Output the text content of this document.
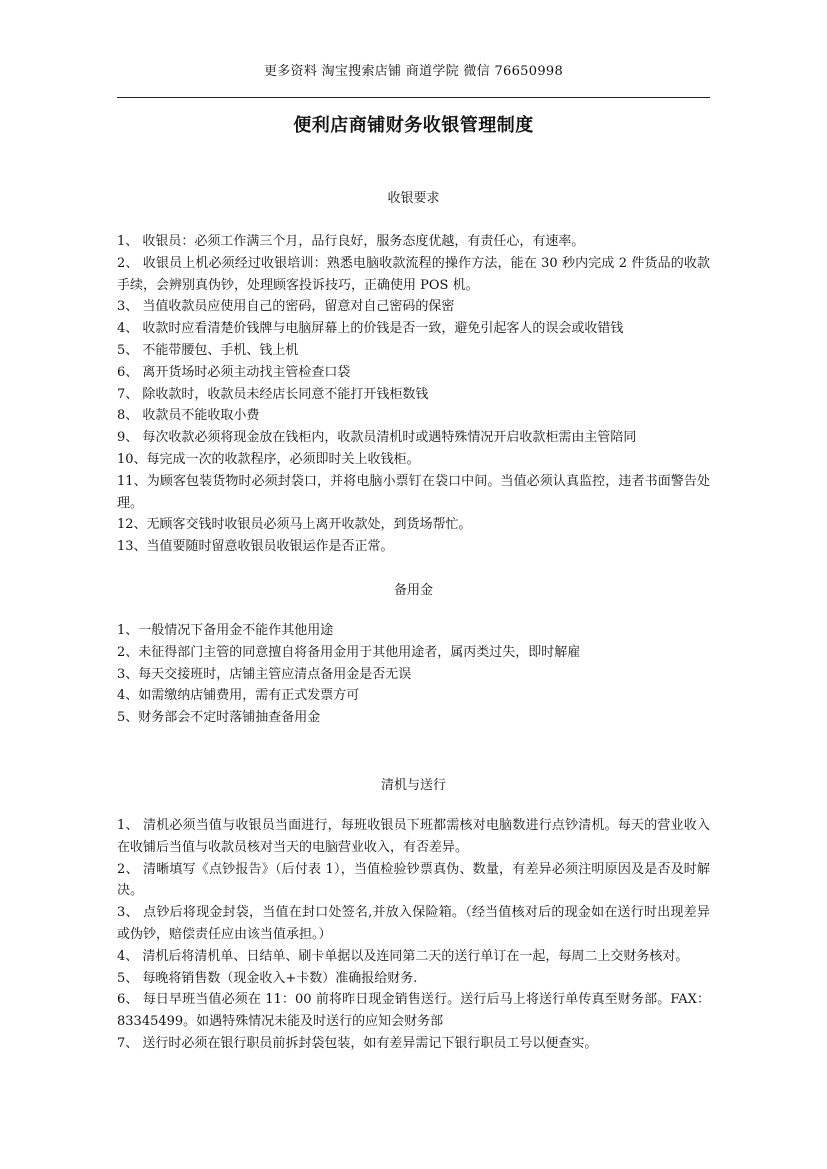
更多资料 淘宝搜索店铺 商道学院 微信 76650998
便利店商铺财务收银管理制度
收银要求
1、 收银员：必须工作满三个月，品行良好，服务态度优越，有责任心，有速率。
2、 收银员上机必须经过收银培训：熟悉电脑收款流程的操作方法，能在 30 秒内完成 2 件货品的收款手续，会辨别真伪钞，处理顾客投诉技巧，正确使用 POS 机。
3、 当值收款员应使用自己的密码，留意对自己密码的保密
4、 收款时应看清楚价钱牌与电脑屏幕上的价钱是否一致，避免引起客人的误会或收错钱
5、 不能带腰包、手机、钱上机
6、 离开货场时必须主动找主管检查口袋
7、 除收款时，收款员未经店长同意不能打开钱柜数钱
8、 收款员不能收取小费
9、 每次收款必须将现金放在钱柜内，收款员清机时或遇特殊情况开启收款柜需由主管陪同
10、每完成一次的收款程序，必须即时关上收钱柜。
11、为顾客包装货物时必须封袋口，并将电脑小票钉在袋口中间。当值必须认真监控，违者书面警告处理。
12、无顾客交钱时收银员必须马上离开收款处，到货场帮忙。
13、当值要随时留意收银员收银运作是否正常。
备用金
1、一般情况下备用金不能作其他用途
2、未征得部门主管的同意擅自将备用金用于其他用途者，属丙类过失，即时解雇
3、每天交接班时，店铺主管应清点备用金是否无误
4、如需缴纳店铺费用，需有正式发票方可
5、财务部会不定时落铺抽查备用金
清机与送行
1、 清机必须当值与收银员当面进行，每班收银员下班都需核对电脑数进行点钞清机。每天的营业收入在收铺后当值与收款员核对当天的电脑营业收入，有否差异。
2、 清晰填写《点钞报告》（后付表 1），当值检验钞票真伪、数量，有差异必须注明原因及是否及时解决。
3、 点钞后将现金封袋，当值在封口处签名,并放入保险箱。（经当值核对后的现金如在送行时出现差异或伪钞，赔偿责任应由该当值承担。）
4、 清机后将清机单、日结单、刷卡单据以及连同第二天的送行单订在一起，每周二上交财务核对。
5、 每晚将销售数（现金收入+卡数）准确报给财务.
6、 每日早班当值必须在 11：00 前将昨日现金销售送行。送行后马上将送行单传真至财务部。FAX：83345499。如遇特殊情况未能及时送行的应知会财务部
7、 送行时必须在银行职员前拆封袋包装，如有差异需记下银行职员工号以便查实。
